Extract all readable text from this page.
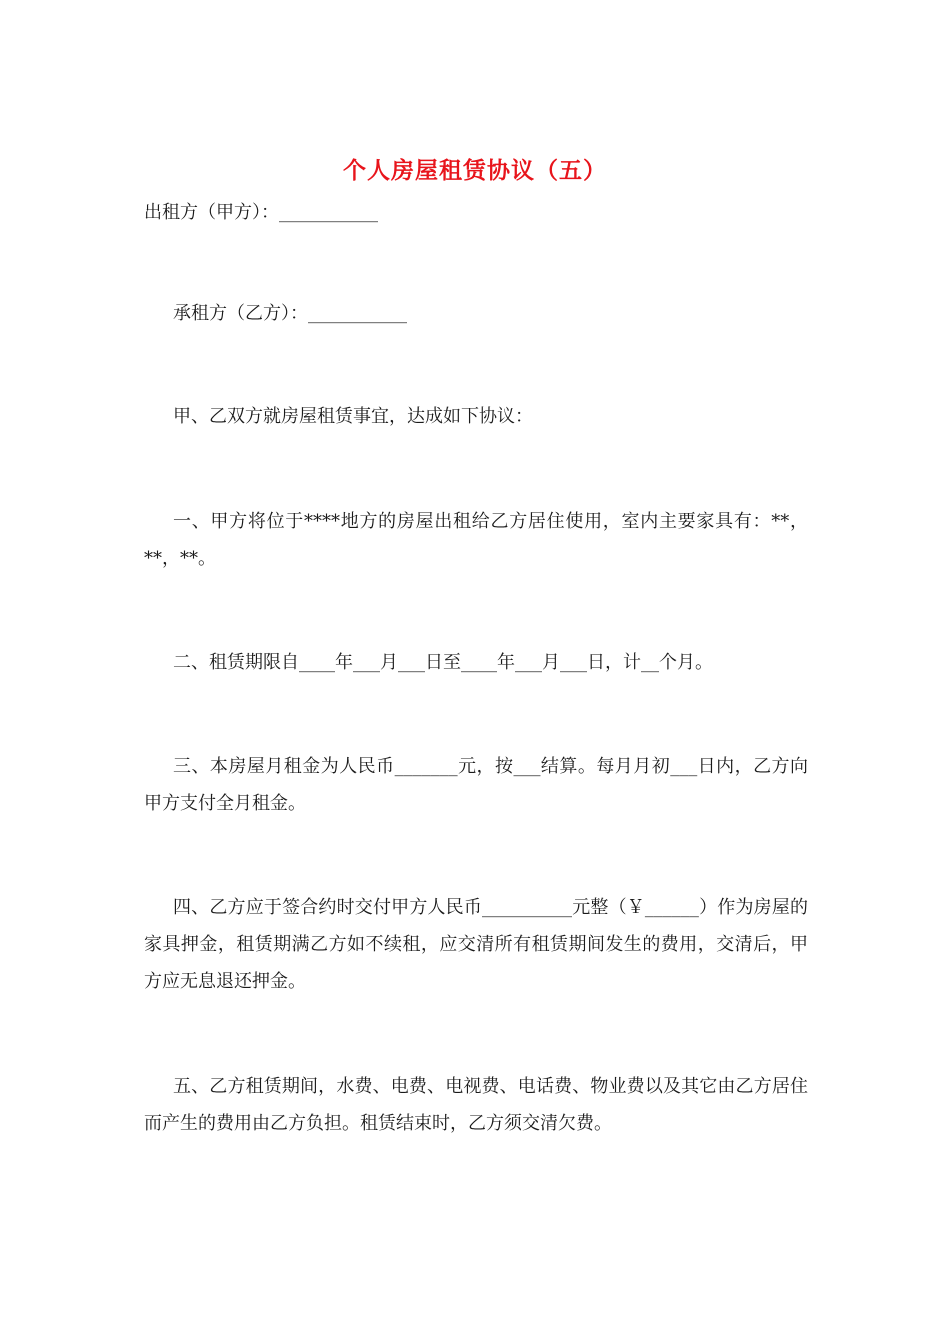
个人房屋租赁协议（五）

出租方（甲方）：___________

承租方（乙方）：___________

甲、乙双方就房屋租赁事宜，达成如下协议：

一、甲方将位于****地方的房屋出租给乙方居住使用，室内主要家具有：**，**，**。

二、租赁期限自____年___月___日至____年___月___日，计__个月。

三、本房屋月租金为人民币_______元，按___结算。每月月初___日内，乙方向甲方支付全月租金。

四、乙方应于签合约时交付甲方人民币__________元整（￥______）作为房屋的家具押金，租赁期满乙方如不续租，应交清所有租赁期间发生的费用，交清后，甲方应无息退还押金。

五、乙方租赁期间，水费、电费、电视费、电话费、物业费以及其它由乙方居住而产生的费用由乙方负担。租赁结束时，乙方须交清欠费。
